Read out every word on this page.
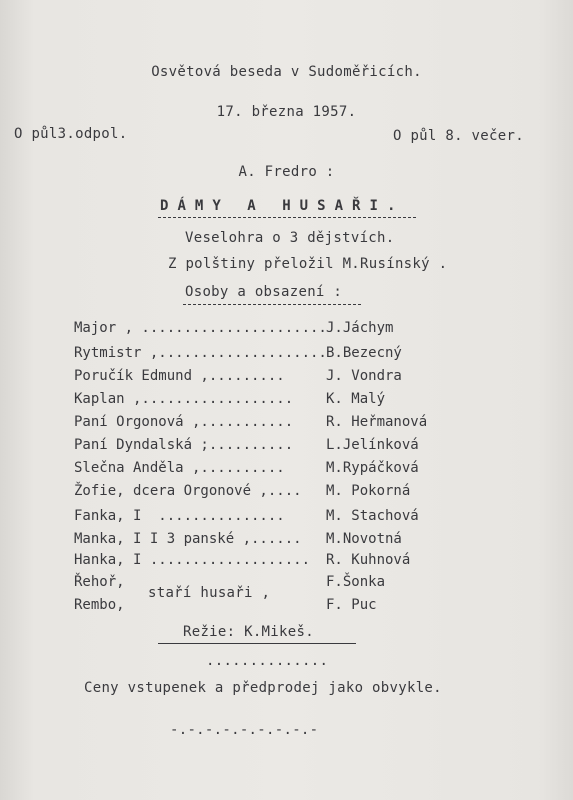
Osvětová beseda v Sudoměřicích.
17. března 1957.
O půl3.odpol.	O půl 8. večer.
A. Fredro :
D Á M Y   A   H U S A Ř I .
Veselohra o 3 dějstvích.
Z polštiny přeložil M.Rusínský .
Osoby a obsazení :
Major , ...................... J.Jáchym
Rytmistr ,.................... B.Bezecný
Poručík Edmund ,.........	J. Vondra
Kaplan ,.................. K. Malý
Paní Orgonová ,........... R. Heřmanová
Paní Dyndalská ;.......... L.Jelínková
Slečna Anděla ,..........	M.Rypáčková
Žofie, dcera Orgonové ,.... M. Pokorná
Fanka, I  ...............	M. Stachová
Manka, I I 3 panské ,...... M.Novotná
Hanka, I ................... R. Kuhnová
Řehoř,	F.Šonka
Rembo,	F. Puc
staří husaři ,
Režie: K.Mikeš.
..............
Ceny vstupenek a předprodej jako obvykle.
-.-.-.-.-.-.-.-.-
